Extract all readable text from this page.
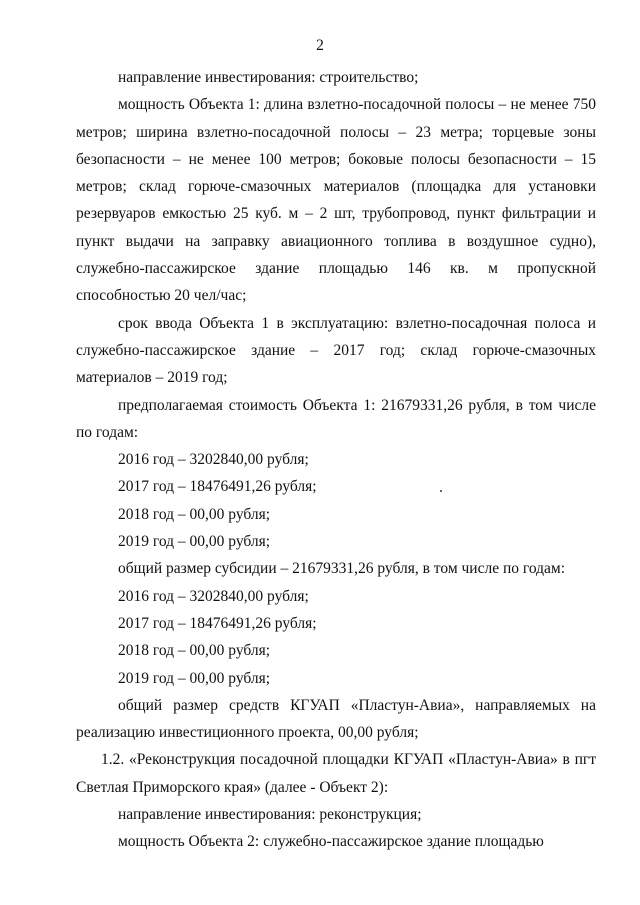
2

направление инвестирования: строительство;

мощность Объекта 1: длина взлетно-посадочной полосы – не менее 750 метров; ширина взлетно-посадочной полосы – 23 метра; торцевые зоны безопасности – не менее 100 метров; боковые полосы безопасности – 15 метров; склад горюче-смазочных материалов (площадка для установки резервуаров емкостью 25 куб. м – 2 шт, трубопровод, пункт фильтрации и пункт выдачи на заправку авиационного топлива в воздушное судно), служебно-пассажирское здание площадью 146 кв. м пропускной способностью 20 чел/час;

срок ввода Объекта 1 в эксплуатацию: взлетно-посадочная полоса и служебно-пассажирское здание – 2017 год; склад горюче-смазочных материалов – 2019 год;

предполагаемая стоимость Объекта 1: 21679331,26 рубля, в том числе по годам:

2016 год – 3202840,00 рубля;

2017 год – 18476491,26 рубля;

2018 год – 00,00 рубля;

2019 год – 00,00 рубля;

общий размер субсидии – 21679331,26 рубля, в том числе по годам:

2016 год – 3202840,00 рубля;

2017 год – 18476491,26 рубля;

2018 год – 00,00 рубля;

2019 год – 00,00 рубля;

общий размер средств КГУАП «Пластун-Авиа», направляемых на реализацию инвестиционного проекта, 00,00 рубля;

1.2. «Реконструкция посадочной площадки КГУАП «Пластун-Авиа» в пгт Светлая Приморского края» (далее - Объект 2):

направление инвестирования: реконструкция;

мощность Объекта 2: служебно-пассажирское здание площадью
